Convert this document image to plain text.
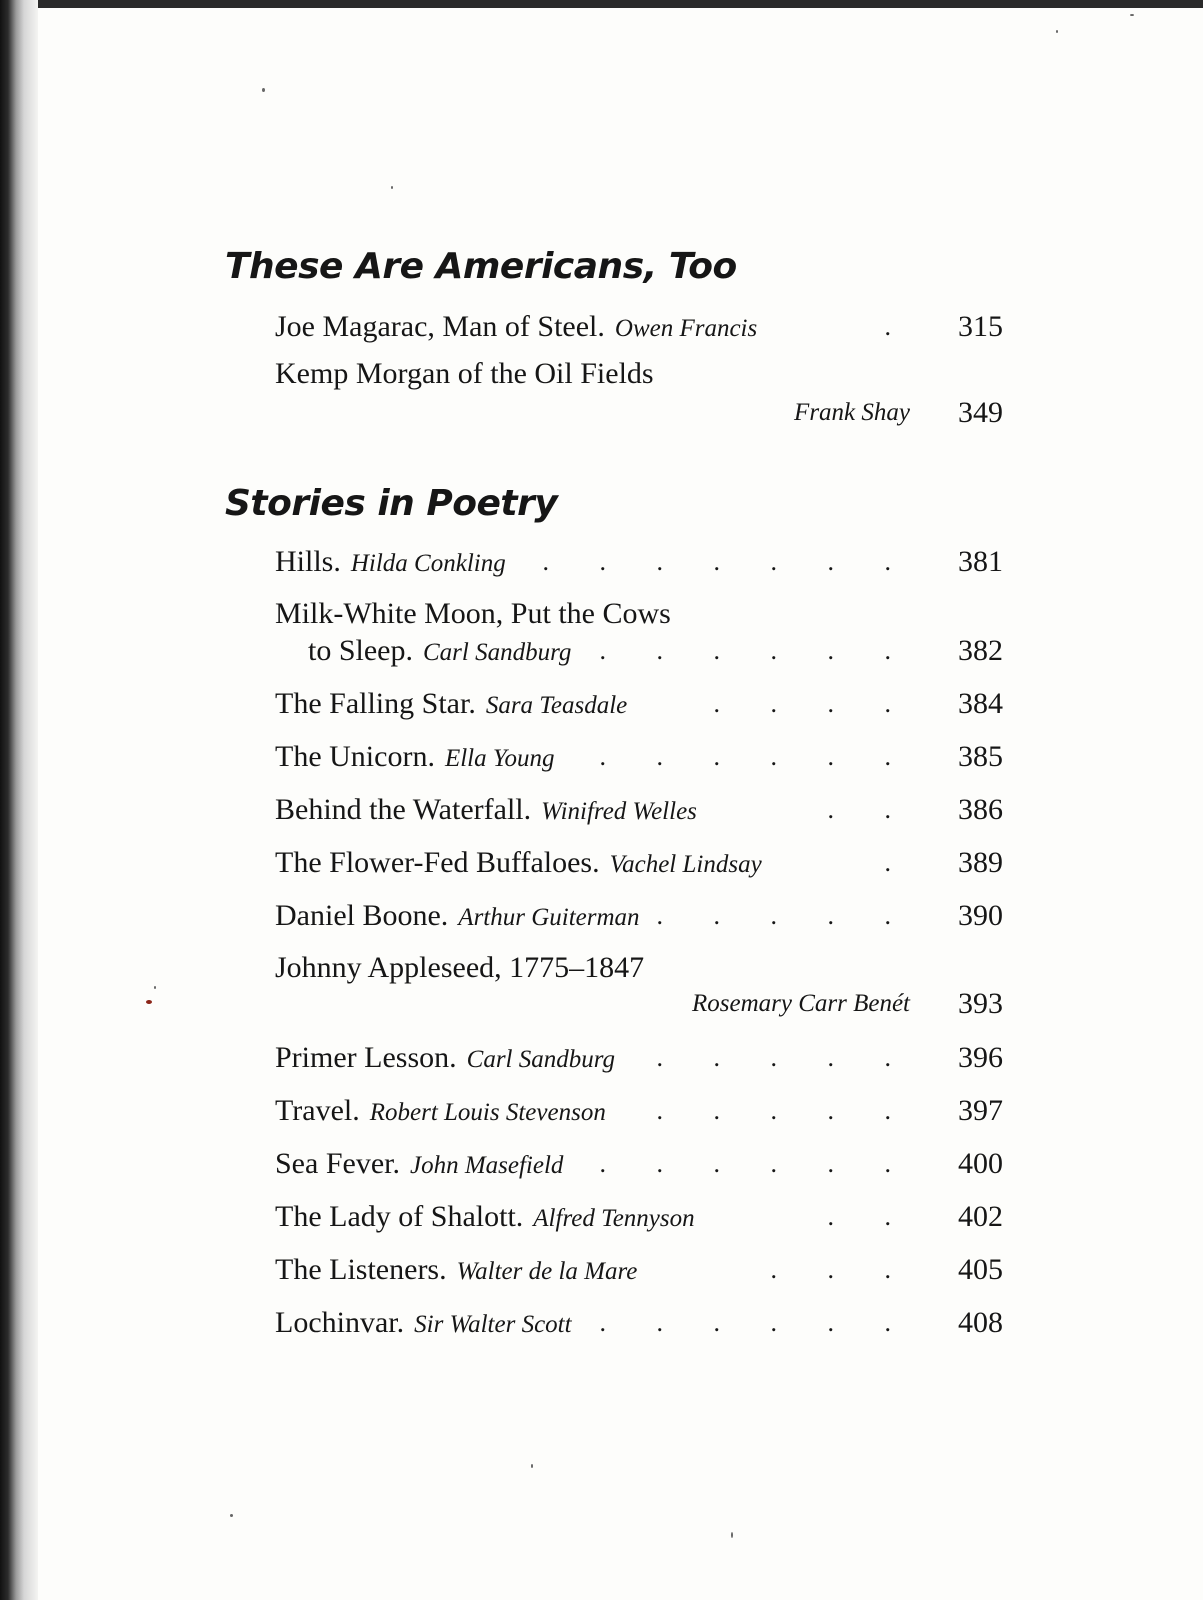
These Are Americans, Too
Joe Magarac, Man of Steel. Owen Francis	. 315
Kemp Morgan of the Oil Fields
Frank Shay 349
Stories in Poetry
Hills. Hilda Conkling . . . . . . . 381
Milk-White Moon, Put the Cows
to Sleep. Carl Sandburg . . . . . . 382
The Falling Star. Sara Teasdale	. . . . 384
The Unicorn. Ella Young . . . . . . 385
Behind the Waterfall. Winifred Welles	. . 386
The Flower-Fed Buffaloes. Vachel Lindsay	. 389
Daniel Boone. Arthur Guiterman . . . . . 390
Johnny Appleseed, 1775–1847
Rosemary Carr Benét 393
Primer Lesson. Carl Sandburg . . . . . 396
Travel. Robert Louis Stevenson . . . . . 397
Sea Fever. John Masefield . . . . . . 400
The Lady of Shalott. Alfred Tennyson	. . 402
The Listeners. Walter de la Mare	. . . 405
Lochinvar. Sir Walter Scott . . . . . . 408
